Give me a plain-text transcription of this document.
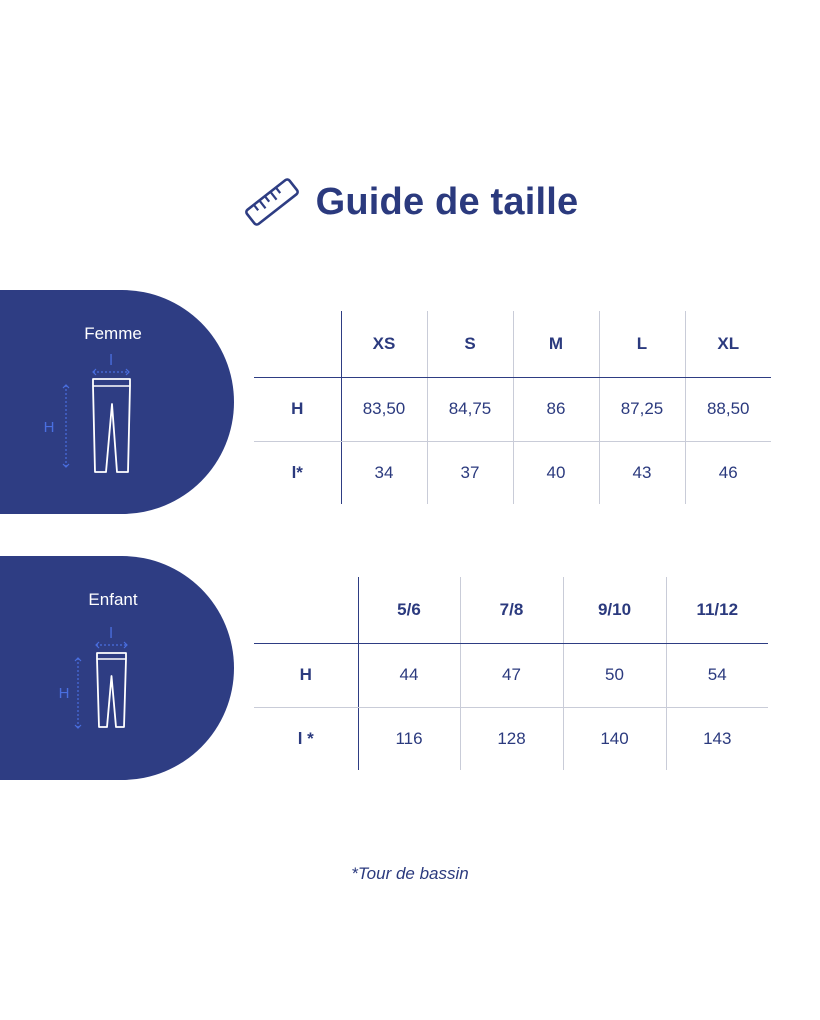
Guide de taille
Femme
l
H
	XS	S	M	L	XL
H	83,50	84,75	86	87,25	88,50
l*	34	37	40	43	46
Enfant
l
H
	5/6	7/8	9/10	11/12
H	44	47	50	54
l *	116	128	140	143
*Tour de bassin
